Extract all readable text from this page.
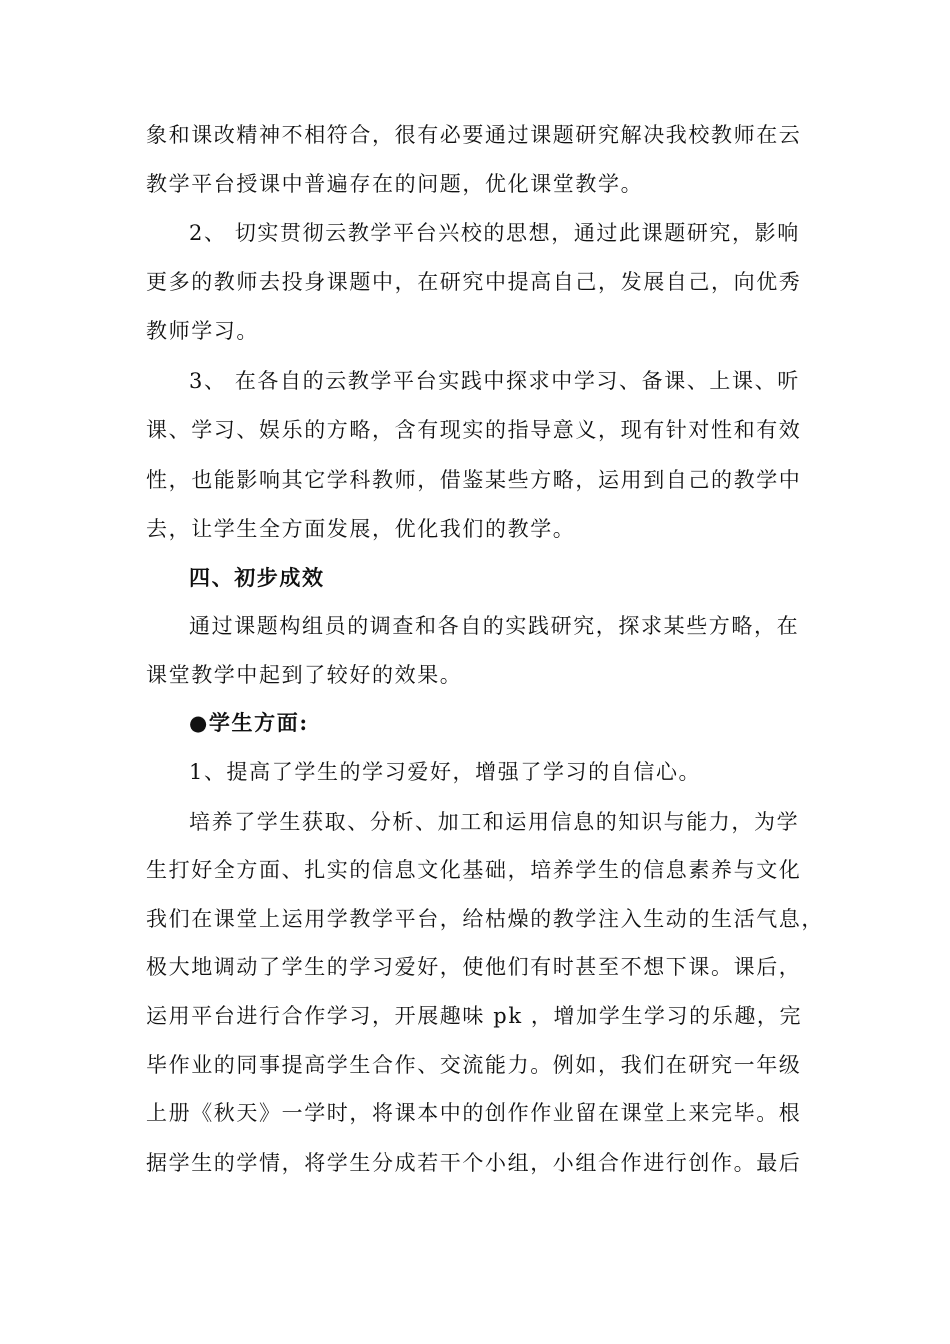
象和课改精神不相符合，很有必要通过课题研究解决我校教师在云
教学平台授课中普遍存在的问题，优化课堂教学。
2、 切实贯彻云教学平台兴校的思想，通过此课题研究，影响
更多的教师去投身课题中，在研究中提高自己，发展自己，向优秀
教师学习。
3、 在各自的云教学平台实践中探求中学习、备课、上课、听
课、学习、娱乐的方略，含有现实的指导意义，现有针对性和有效
性，也能影响其它学科教师，借鉴某些方略，运用到自己的教学中
去，让学生全方面发展，优化我们的教学。
四、初步成效
通过课题构组员的调查和各自的实践研究，探求某些方略，在
课堂教学中起到了较好的效果。
●学生方面:
1、提高了学生的学习爱好，增强了学习的自信心。
培养了学生获取、分析、加工和运用信息的知识与能力，为学
生打好全方面、扎实的信息文化基础，培养学生的信息素养与文化
我们在课堂上运用学教学平台，给枯燥的教学注入生动的生活气息，
极大地调动了学生的学习爱好，使他们有时甚至不想下课。课后，
运用平台进行合作学习，开展趣味 pk ，增加学生学习的乐趣，完
毕作业的同事提高学生合作、交流能力。例如，我们在研究一年级
上册《秋天》一学时，将课本中的创作作业留在课堂上来完毕。根
据学生的学情，将学生分成若干个小组，小组合作进行创作。最后
